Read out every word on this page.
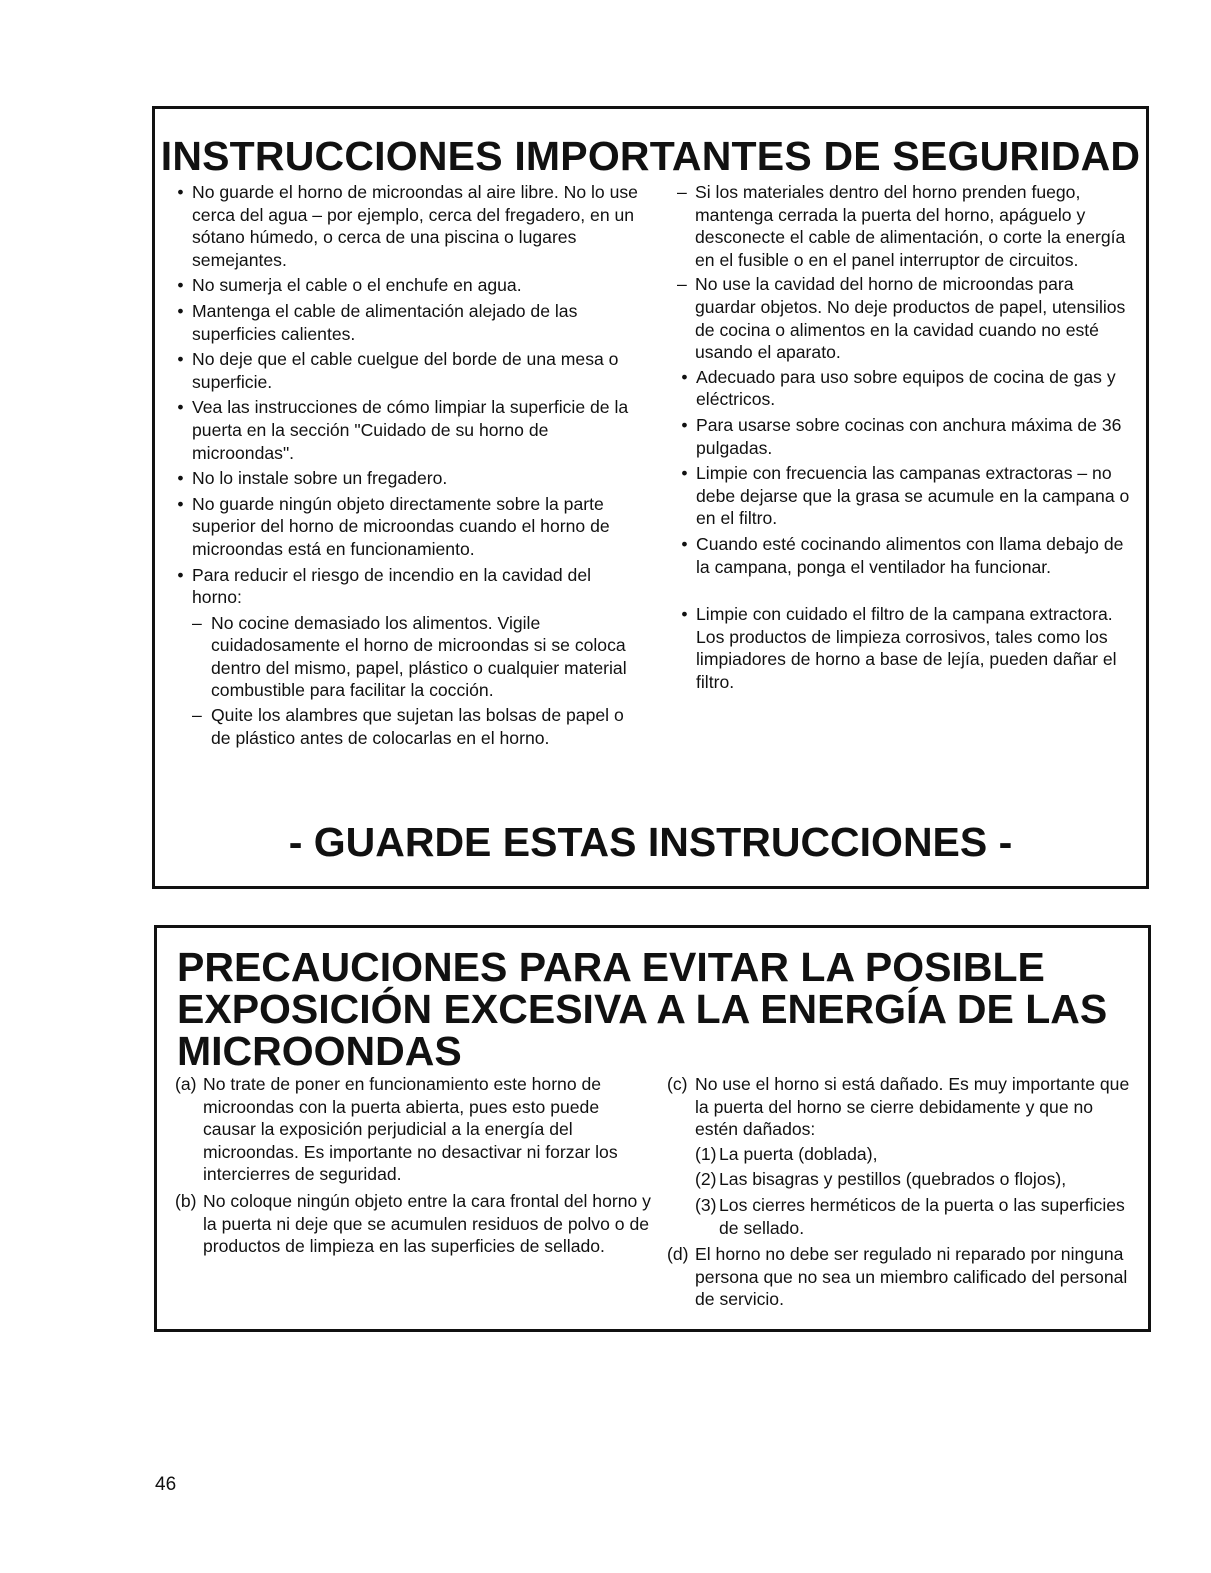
INSTRUCCIONES IMPORTANTES DE SEGURIDAD
• No guarde el horno de microondas al aire libre. No lo use cerca del agua – por ejemplo, cerca del fregadero, en un sótano húmedo, o cerca de una piscina o lugares semejantes.
• No sumerja el cable o el enchufe en agua.
• Mantenga el cable de alimentación alejado de las superficies calientes.
• No deje que el cable cuelgue del borde de una mesa o superficie.
• Vea las instrucciones de cómo limpiar la superficie de la puerta en la sección "Cuidado de su horno de microondas".
• No lo instale sobre un fregadero.
• No guarde ningún objeto directamente sobre la parte superior del horno de microondas cuando el horno de microondas está en funcionamiento.
• Para reducir el riesgo de incendio en la cavidad del horno:
– No cocine demasiado los alimentos. Vigile cuidadosamente el horno de microondas si se coloca dentro del mismo, papel, plástico o cualquier material combustible para facilitar la cocción.
– Quite los alambres que sujetan las bolsas de papel o de plástico antes de colocarlas en el horno.
– Si los materiales dentro del horno prenden fuego, mantenga cerrada la puerta del horno, apáguelo y desconecte el cable de alimentación, o corte la energía en el fusible o en el panel interruptor de circuitos.
– No use la cavidad del horno de microondas para guardar objetos. No deje productos de papel, utensilios de cocina o alimentos en la cavidad cuando no esté usando el aparato.
• Adecuado para uso sobre equipos de cocina de gas y eléctricos.
• Para usarse sobre cocinas con anchura máxima de 36 pulgadas.
• Limpie con frecuencia las campanas extractoras – no debe dejarse que la grasa se acumule en la campana o en el filtro.
• Cuando esté cocinando alimentos con llama debajo de la campana, ponga el ventilador ha funcionar.
• Limpie con cuidado el filtro de la campana extractora. Los productos de limpieza corrosivos, tales como los limpiadores de horno a base de lejía, pueden dañar el filtro.
- GUARDE ESTAS INSTRUCCIONES -
PRECAUCIONES PARA EVITAR LA POSIBLE
EXPOSICIÓN EXCESIVA A LA ENERGÍA DE LAS
MICROONDAS
(a) No trate de poner en funcionamiento este horno de microondas con la puerta abierta, pues esto puede causar la exposición perjudicial a la energía del microondas. Es importante no desactivar ni forzar los intercierres de seguridad.
(b) No coloque ningún objeto entre la cara frontal del horno y la puerta ni deje que se acumulen residuos de polvo o de productos de limpieza en las superficies de sellado.
(c) No use el horno si está dañado. Es muy importante que la puerta del horno se cierre debidamente y que no estén dañados:
(1) La puerta (doblada),
(2) Las bisagras y pestillos (quebrados o flojos),
(3) Los cierres herméticos de la puerta o las superficies de sellado.
(d) El horno no debe ser regulado ni reparado por ninguna persona que no sea un miembro calificado del personal de servicio.
46
